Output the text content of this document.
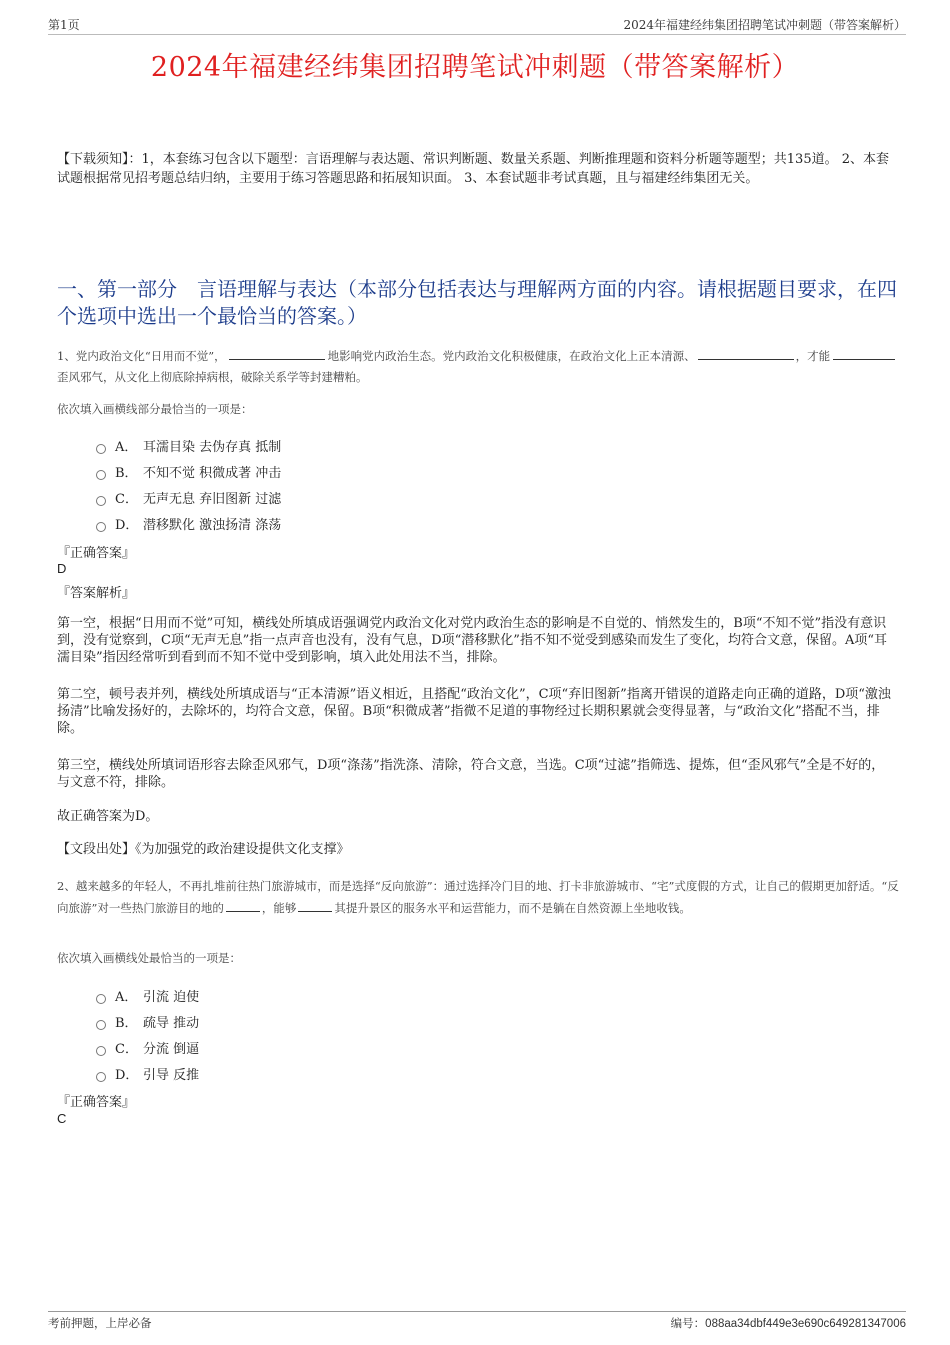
第1页	2024年福建经纬集团招聘笔试冲刺题（带答案解析）
2024年福建经纬集团招聘笔试冲刺题（带答案解析）
【下载须知】：1，本套练习包含以下题型：言语理解与表达题、常识判断题、数量关系题、判断推理题和资料分析题等题型；共135道。 2、本套试题根据常见招考题总结归纳，主要用于练习答题思路和拓展知识面。 3、本套试题非考试真题，且与福建经纬集团无关。
一、第一部分　言语理解与表达（本部分包括表达与理解两方面的内容。请根据题目要求，在四个选项中选出一个最恰当的答案。）
1、党内政治文化“日用而不觉”，	地影响党内政治生态。党内政治文化积极健康，在政治文化上正本清源、	，才能歪风邪气，从文化上彻底除掉病根，破除关系学等封建糟粕。
依次填入画横线部分最恰当的一项是：
A． 耳濡目染 去伪存真 抵制
B． 不知不觉 积微成著 冲击
C． 无声无息 弃旧图新 过滤
D． 潜移默化 激浊扬清 涤荡
『正确答案』
D
『答案解析』
第一空，根据“日用而不觉”可知，横线处所填成语强调党内政治文化对党内政治生态的影响是不自觉的、悄然发生的，B项“不知不觉”指没有意识到，没有觉察到，C项“无声无息”指一点声音也没有，没有气息，D项“潜移默化”指不知不觉受到感染而发生了变化，均符合文意，保留。A项“耳濡目染”指因经常听到看到而不知不觉中受到影响，填入此处用法不当，排除。
第二空，顿号表并列，横线处所填成语与“正本清源”语义相近，且搭配“政治文化”，C项“弃旧图新”指离开错误的道路走向正确的道路，D项“激浊扬清”比喻发扬好的，去除坏的，均符合文意，保留。B项“积微成著”指微不足道的事物经过长期积累就会变得显著，与“政治文化”搭配不当，排除。
第三空，横线处所填词语形容去除歪风邪气，D项“涤荡”指洗涤、清除，符合文意，当选。C项“过滤”指筛选、提炼，但“歪风邪气”全是不好的，与文意不符，排除。
故正确答案为D。
【文段出处】《为加强党的政治建设提供文化支撑》
2、越来越多的年轻人，不再扎堆前往热门旅游城市，而是选择“反向旅游”：通过选择冷门目的地、打卡非旅游城市、“宅”式度假的方式，让自己的假期更加舒适。“反向旅游”对一些热门旅游目的地的	，能够	其提升景区的服务水平和运营能力，而不是躺在自然资源上坐地收钱。
依次填入画横线处最恰当的一项是：
A． 引流 迫使
B． 疏导 推动
C． 分流 倒逼
D． 引导 反推
『正确答案』
C
考前押题，上岸必备	编号：088aa34dbf449e3e690c649281347006
